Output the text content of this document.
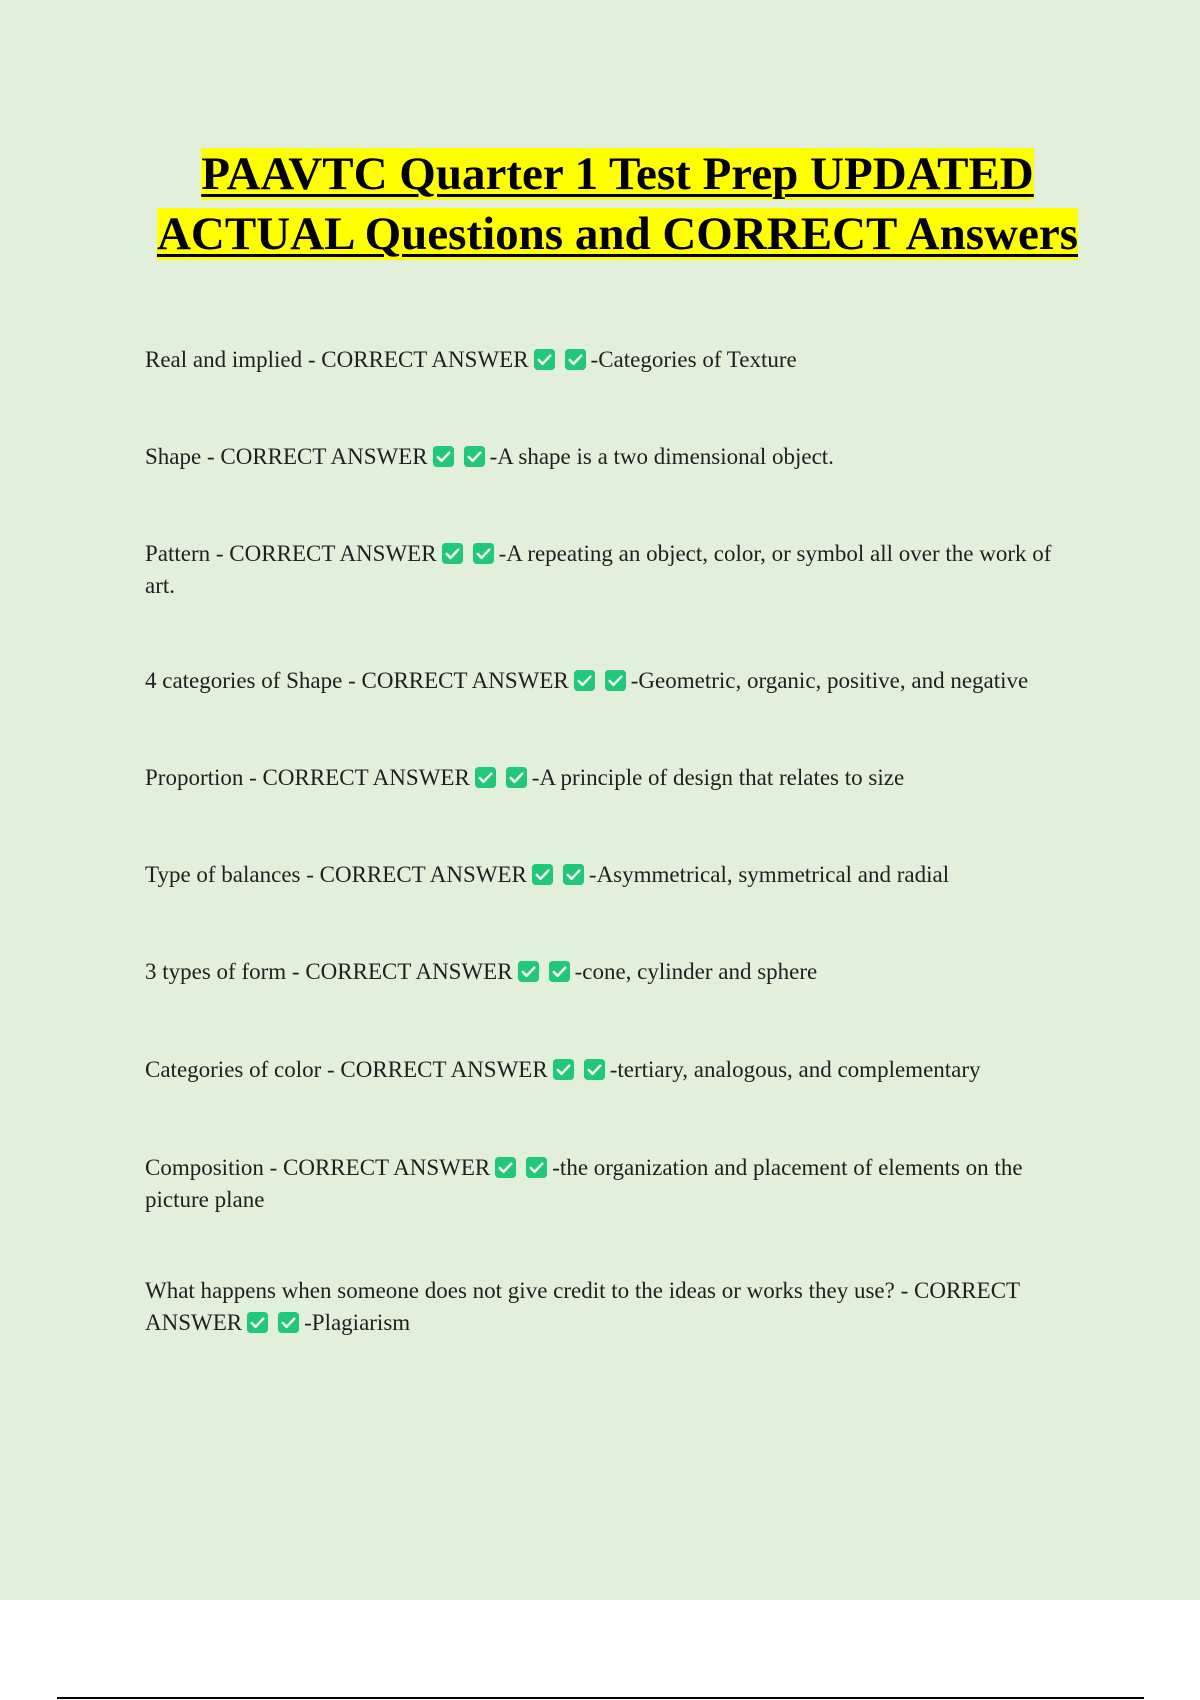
PAAVTC Quarter 1 Test Prep UPDATED ACTUAL Questions and CORRECT Answers
Real and implied - CORRECT ANSWER	-Categories of Texture
Shape - CORRECT ANSWER	-A shape is a two dimensional object.
Pattern - CORRECT ANSWER	-A repeating an object, color, or symbol all over the work of art.
4 categories of Shape - CORRECT ANSWER	-Geometric, organic, positive, and negative
Proportion - CORRECT ANSWER	-A principle of design that relates to size
Type of balances - CORRECT ANSWER	-Asymmetrical, symmetrical and radial
3 types of form - CORRECT ANSWER	-cone, cylinder and sphere
Categories of color - CORRECT ANSWER	-tertiary, analogous, and complementary
Composition - CORRECT ANSWER	-the organization and placement of elements on the picture plane
What happens when someone does not give credit to the ideas or works they use? - CORRECT ANSWER	-Plagiarism
